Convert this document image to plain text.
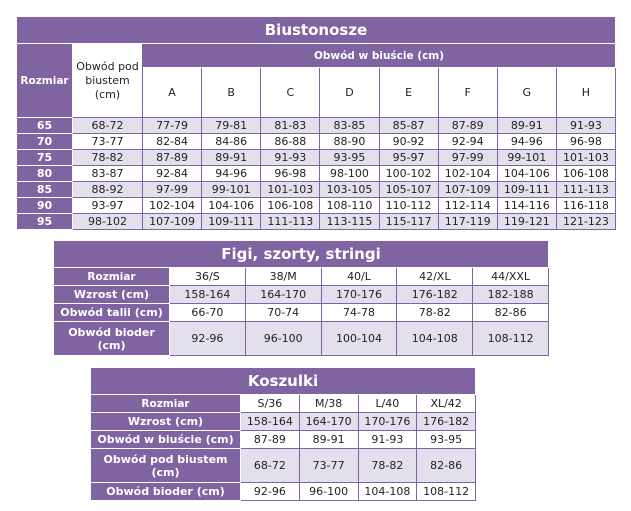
Biustonosze									
Rozmiar	Obwód pod biustem (cm)	Obwód w biuście (cm)							
		A	B	C	D	E	F	G	H
65	68-72	77-79	79-81	81-83	83-85	85-87	87-89	89-91	91-93
70	73-77	82-84	84-86	86-88	88-90	90-92	92-94	94-96	96-98
75	78-82	87-89	89-91	91-93	93-95	95-97	97-99	99-101	101-103
80	83-87	92-84	94-96	96-98	98-100	100-102	102-104	104-106	106-108
85	88-92	97-99	99-101	101-103	103-105	105-107	107-109	109-111	111-113
90	93-97	102-104	104-106	106-108	108-110	110-112	112-114	114-116	116-118
95	98-102	107-109	109-111	111-113	113-115	115-117	117-119	119-121	121-123
Figi, szorty, stringi					
Rozmiar	36/S	38/M	40/L	42/XL	44/XXL
Wzrost (cm)	158-164	164-170	170-176	176-182	182-188
Obwód talii (cm)	66-70	70-74	74-78	78-82	82-86
Obwód bioder (cm)	92-96	96-100	100-104	104-108	108-112
Koszulki				
Rozmiar	S/36	M/38	L/40	XL/42
Wzrost (cm)	158-164	164-170	170-176	176-182
Obwód w biuście (cm)	87-89	89-91	91-93	93-95
Obwód pod biustem (cm)	68-72	73-77	78-82	82-86
Obwód bioder (cm)	92-96	96-100	104-108	108-112
